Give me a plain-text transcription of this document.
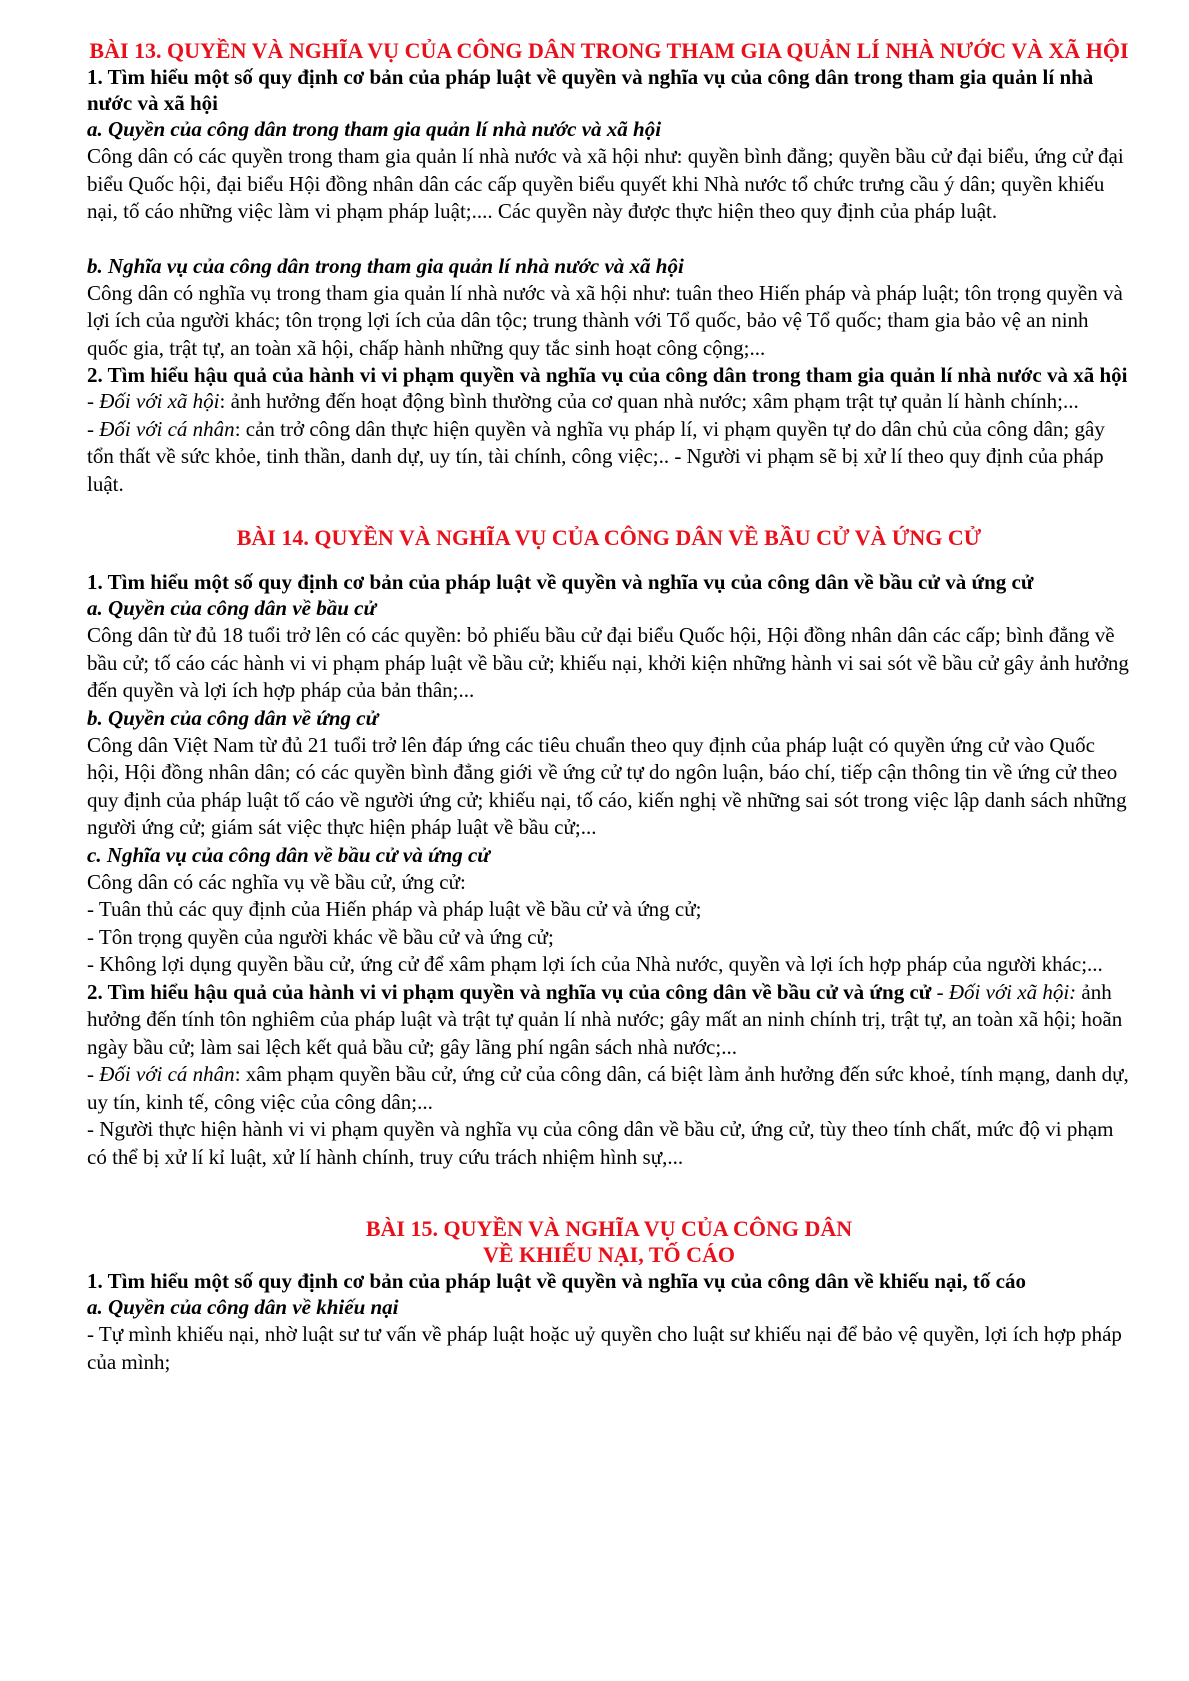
BÀI 13. QUYỀN VÀ NGHĨA VỤ CỦA CÔNG DÂN TRONG THAM GIA QUẢN LÍ NHÀ NƯỚC VÀ XÃ HỘI

1. Tìm hiểu một số quy định cơ bản của pháp luật về quyền và nghĩa vụ của công dân trong tham gia quản lí nhà nước và xã hội

a. Quyền của công dân trong tham gia quản lí nhà nước và xã hội

Công dân có các quyền trong tham gia quản lí nhà nước và xã hội như: quyền bình đẳng; quyền bầu cử đại biểu, ứng cử đại biểu Quốc hội, đại biểu Hội đồng nhân dân các cấp quyền biểu quyết khi Nhà nước tổ chức trưng cầu ý dân; quyền khiếu nại, tố cáo những việc làm vi phạm pháp luật;.... Các quyền này được thực hiện theo quy định của pháp luật.

b. Nghĩa vụ của công dân trong tham gia quản lí nhà nước và xã hội

Công dân có nghĩa vụ trong tham gia quản lí nhà nước và xã hội như: tuân theo Hiến pháp và pháp luật; tôn trọng quyền và lợi ích của người khác; tôn trọng lợi ích của dân tộc; trung thành với Tổ quốc, bảo vệ Tổ quốc; tham gia bảo vệ an ninh quốc gia, trật tự, an toàn xã hội, chấp hành những quy tắc sinh hoạt công cộng;...

2. Tìm hiểu hậu quả của hành vi vi phạm quyền và nghĩa vụ của công dân trong tham gia quản lí nhà nước và xã hội

- Đối với xã hội: ảnh hưởng đến hoạt động bình thường của cơ quan nhà nước; xâm phạm trật tự quản lí hành chính;...

- Đối với cá nhân: cản trở công dân thực hiện quyền và nghĩa vụ pháp lí, vi phạm quyền tự do dân chủ của công dân; gây tổn thất về sức khỏe, tinh thần, danh dự, uy tín, tài chính, công việc;.. - Người vi phạm sẽ bị xử lí theo quy định của pháp luật.

BÀI 14. QUYỀN VÀ NGHĨA VỤ CỦA CÔNG DÂN VỀ BẦU CỬ VÀ ỨNG CỬ

1. Tìm hiểu một số quy định cơ bản của pháp luật về quyền và nghĩa vụ của công dân về bầu cử và ứng cử

a. Quyền của công dân về bầu cử

Công dân từ đủ 18 tuổi trở lên có các quyền: bỏ phiếu bầu cử đại biểu Quốc hội, Hội đồng nhân dân các cấp; bình đẳng về bầu cử; tố cáo các hành vi vi phạm pháp luật về bầu cử; khiếu nại, khởi kiện những hành vi sai sót về bầu cử gây ảnh hưởng đến quyền và lợi ích hợp pháp của bản thân;...

b. Quyền của công dân về ứng cử

Công dân Việt Nam từ đủ 21 tuổi trở lên đáp ứng các tiêu chuẩn theo quy định của pháp luật có quyền ứng cử vào Quốc hội, Hội đồng nhân dân; có các quyền bình đẳng giới về ứng cử tự do ngôn luận, báo chí, tiếp cận thông tin về ứng cử theo quy định của pháp luật tố cáo về người ứng cử; khiếu nại, tố cáo, kiến nghị về những sai sót trong việc lập danh sách những người ứng cử; giám sát việc thực hiện pháp luật về bầu cử;...

c. Nghĩa vụ của công dân về bầu cử và ứng cử

Công dân có các nghĩa vụ về bầu cử, ứng cử:

- Tuân thủ các quy định của Hiến pháp và pháp luật về bầu cử và ứng cử;

- Tôn trọng quyền của người khác về bầu cử và ứng cử;

- Không lợi dụng quyền bầu cử, ứng cử để xâm phạm lợi ích của Nhà nước, quyền và lợi ích hợp pháp của người khác;...

2. Tìm hiểu hậu quả của hành vi vi phạm quyền và nghĩa vụ của công dân về bầu cử và ứng cử - Đối với xã hội: ảnh hưởng đến tính tôn nghiêm của pháp luật và trật tự quản lí nhà nước; gây mất an ninh chính trị, trật tự, an toàn xã hội; hoãn ngày bầu cử; làm sai lệch kết quả bầu cử; gây lãng phí ngân sách nhà nước;...

- Đối với cá nhân: xâm phạm quyền bầu cử, ứng cử của công dân, cá biệt làm ảnh hưởng đến sức khoẻ, tính mạng, danh dự, uy tín, kinh tế, công việc của công dân;...

- Người thực hiện hành vi vi phạm quyền và nghĩa vụ của công dân về bầu cử, ứng cử, tùy theo tính chất, mức độ vi phạm có thể bị xử lí kỉ luật, xử lí hành chính, truy cứu trách nhiệm hình sự,...

BÀI 15. QUYỀN VÀ NGHĨA VỤ CỦA CÔNG DÂN
VỀ KHIẾU NẠI, TỐ CÁO

1. Tìm hiểu một số quy định cơ bản của pháp luật về quyền và nghĩa vụ của công dân về khiếu nại, tố cáo

a. Quyền của công dân về khiếu nại

- Tự mình khiếu nại, nhờ luật sư tư vấn về pháp luật hoặc uỷ quyền cho luật sư khiếu nại để bảo vệ quyền, lợi ích hợp pháp của mình;
